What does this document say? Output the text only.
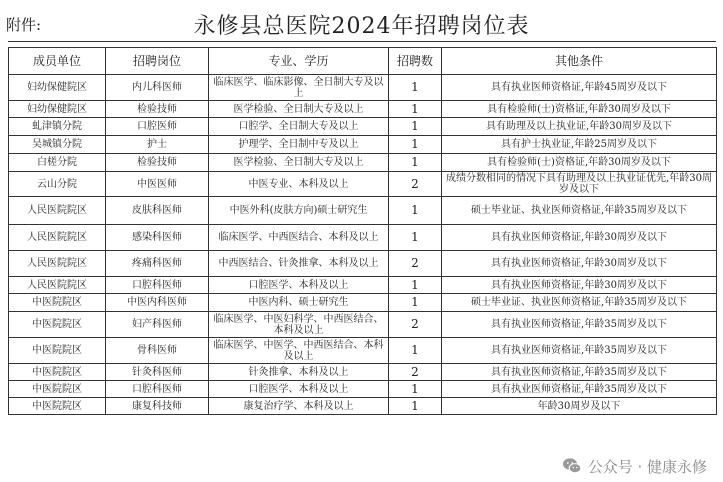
附件:	永修县总医院2024年招聘岗位表
成员单位	招聘岗位	专业、学历	招聘数	其他条件
妇幼保健院区	内儿科医师	临床医学、临床影像、全日制大专及以上	1	具有执业医师资格证,年龄45周岁及以下
妇幼保健院区	检验技师	医学检验、全日制大专及以上	1	具有检验师(士)资格证,年龄30周岁及以下
虬津镇分院	口腔医师	口腔学、全日制大专及以上	1	具有助理及以上执业证,年龄30周岁及以下
吴城镇分院	护士	护理学、全日制中专及以上	1	具有护士执业证,年龄25周岁及以下
白槎分院	检验技师	医学检验、全日制大专及以上	1	具有检验师(士)资格证,年龄30周岁及以下
云山分院	中医医师	中医专业、本科及以上	2	成绩分数相同的情况下具有助理及以上执业证优先,年龄30周岁及以下
人民医院院区	皮肤科医师	中医外科(皮肤方向)硕士研究生	1	硕士毕业证、执业医师资格证,年龄35周岁及以下
人民医院院区	感染科医师	临床医学、中西医结合、本科及以上	1	具有执业医师资格证,年龄30周岁及以下
人民医院院区	疼痛科医师	中西医结合、针灸推拿、本科及以上	2	具有执业医师资格证,年龄30周岁及以下
人民医院院区	口腔科医师	口腔医学、本科及以上	1	具有执业医师资格证,年龄30周岁及以下
中医院院区	中医内科医师	中医内科、硕士研究生	1	硕士毕业证、执业医师资格证,年龄35周岁及以下
中医院院区	妇产科医师	临床医学、中医妇科学、中西医结合、本科及以上	2	具有执业医师资格证,年龄35周岁及以下
中医院院区	骨科医师	临床医学、中医学、中西医结合、本科及以上	1	具有执业医师资格证,年龄35周岁及以下
中医院院区	针灸科医师	针灸推拿、本科及以上	2	具有执业医师资格证,年龄35周岁及以下
中医院院区	口腔科医师	口腔医学、本科及以上	1	具有执业医师资格证,年龄35周岁及以下
中医院院区	康复科技师	康复治疗学、本科及以上	1	年龄30周岁及以下
公众号 · 健康永修
